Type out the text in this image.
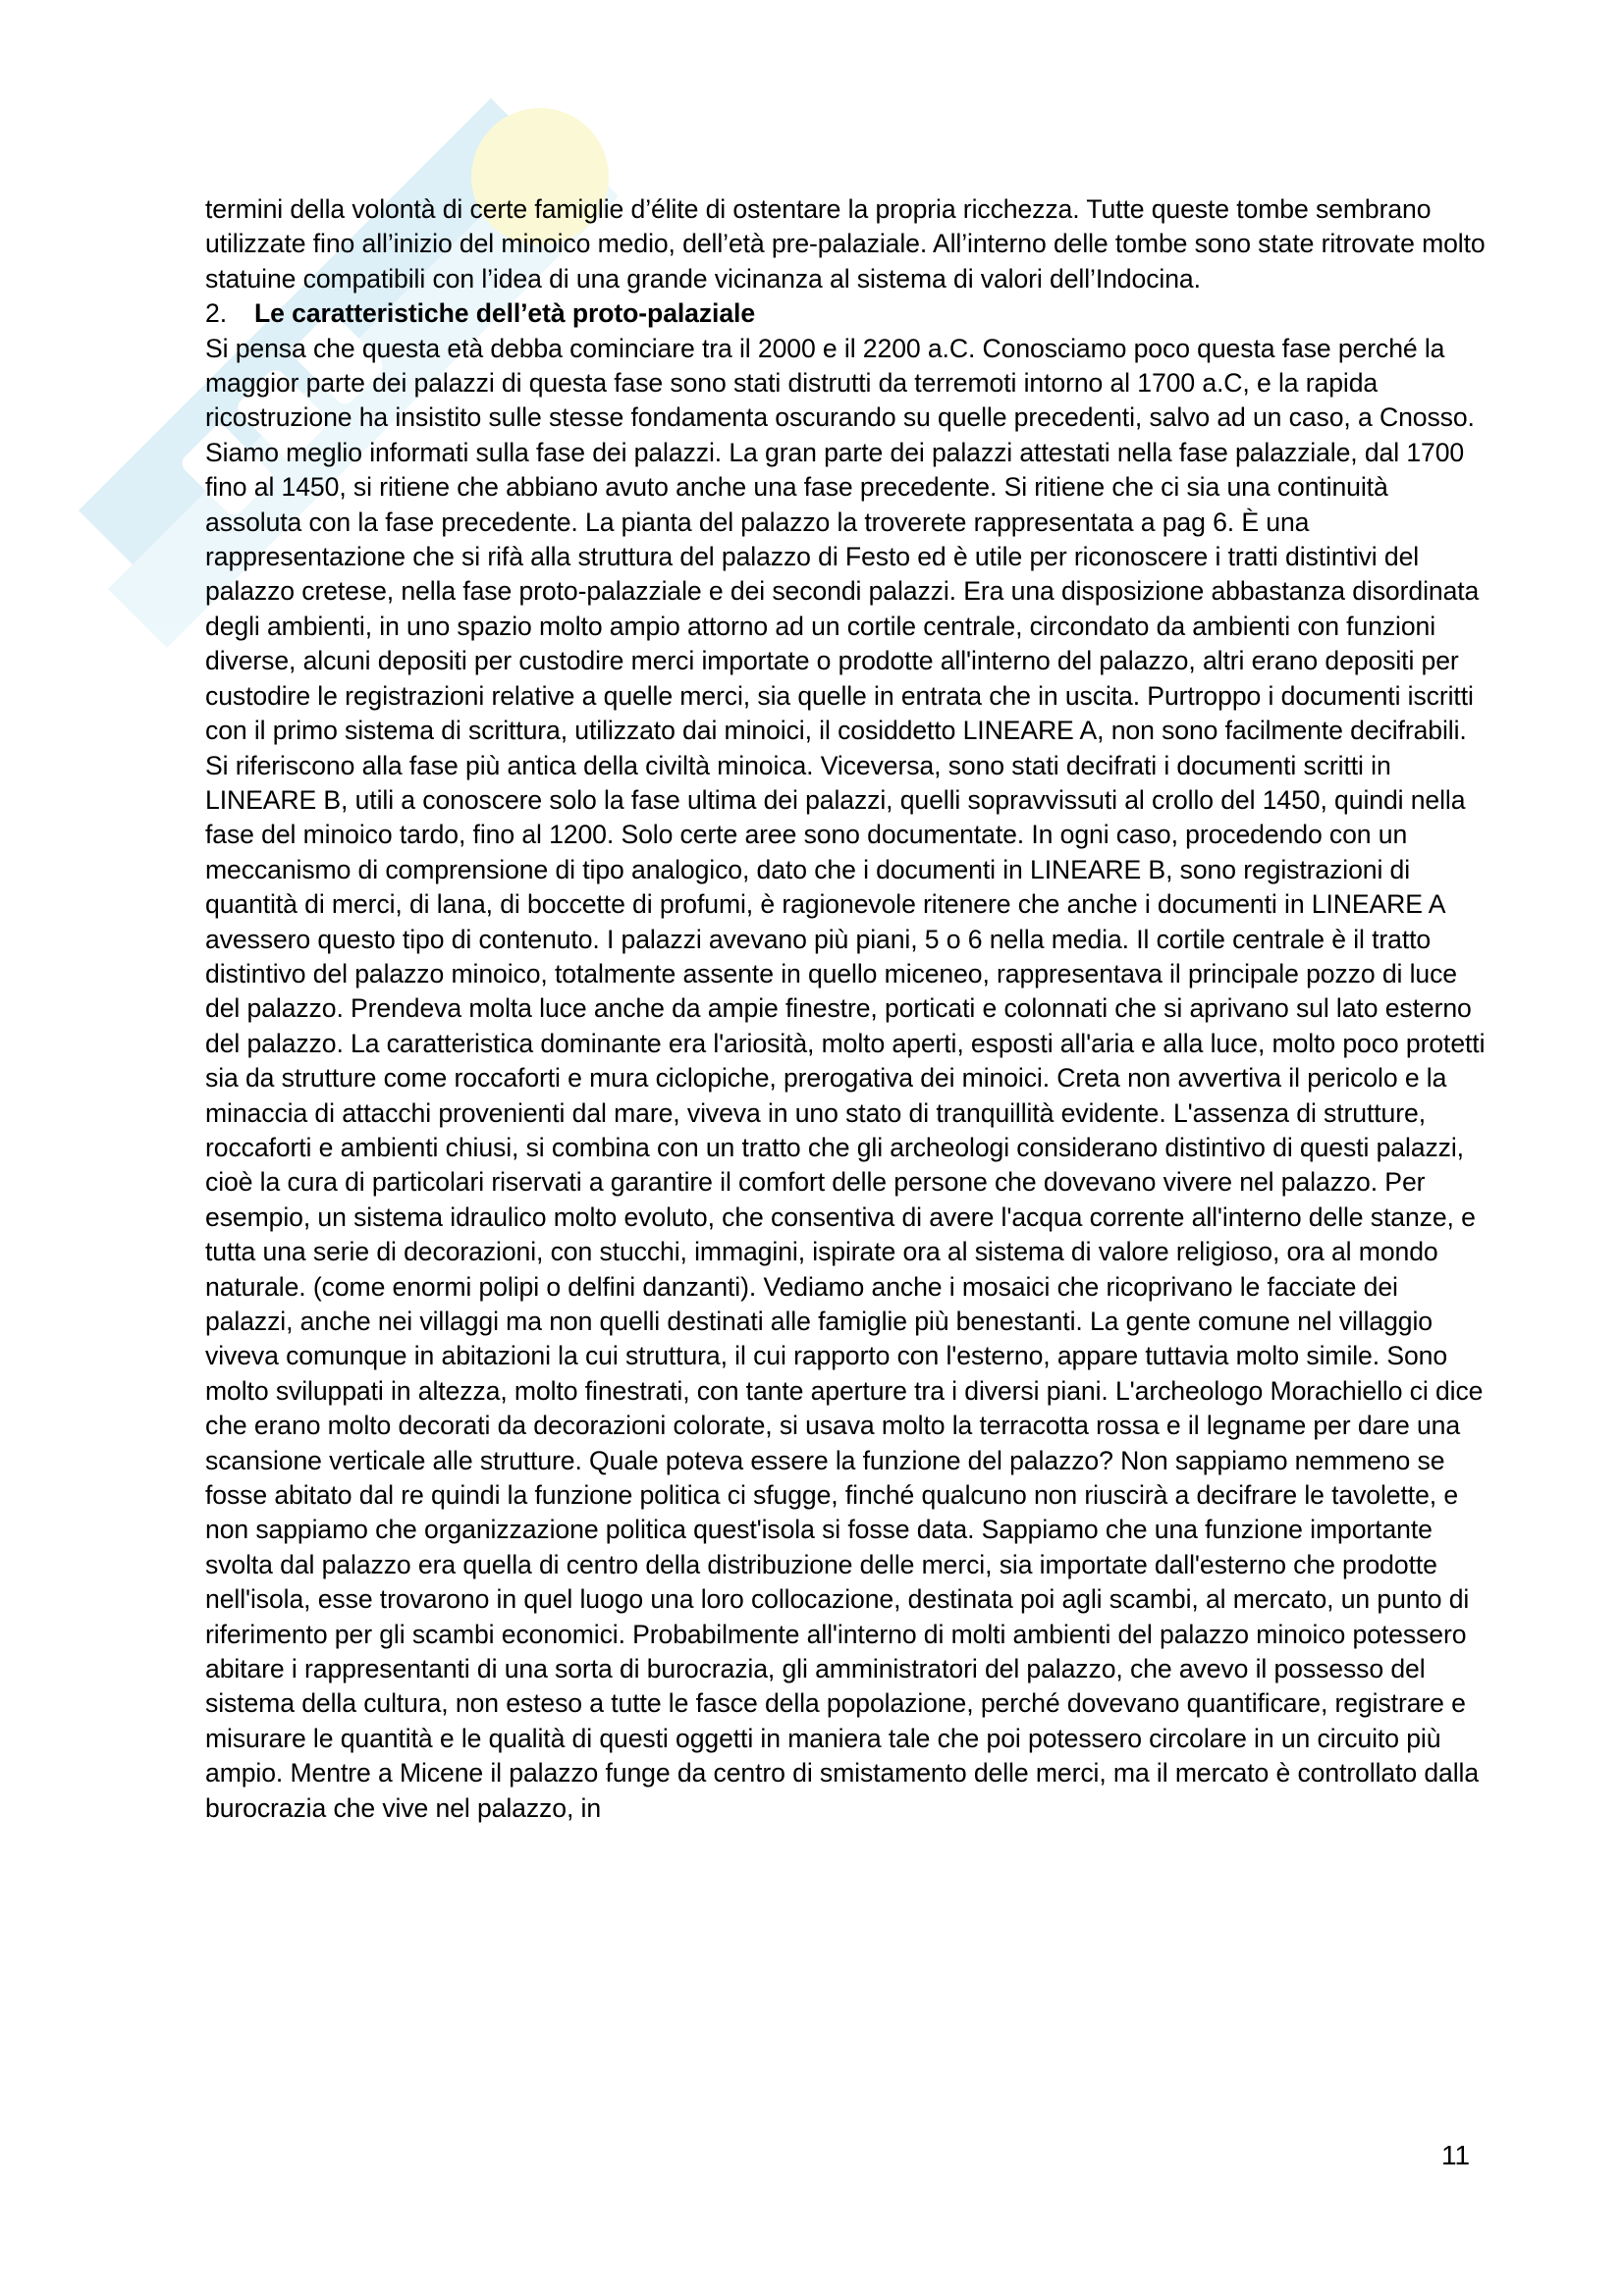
termini della volontà di certe famiglie d’élite di ostentare la propria ricchezza. Tutte queste tombe sembrano utilizzate fino all’inizio del minoico medio, dell’età pre-palaziale. All’interno delle tombe sono state ritrovate molto statuine compatibili con l’idea di una grande vicinanza al sistema di valori dell’Indocina.

2.	Le caratteristiche dell’età proto-palaziale

Si pensa che questa età debba cominciare tra il 2000 e il 2200 a.C. Conosciamo poco questa fase perché la maggior parte dei palazzi di questa fase sono stati distrutti da terremoti intorno al 1700 a.C, e la rapida ricostruzione ha insistito sulle stesse fondamenta oscurando su quelle precedenti, salvo ad un caso, a Cnosso. Siamo meglio informati sulla fase dei palazzi. La gran parte dei palazzi attestati nella fase palazziale, dal 1700 fino al 1450, si ritiene che abbiano avuto anche una fase precedente. Si ritiene che ci sia una continuità assoluta con la fase precedente. La pianta del palazzo la troverete rappresentata a pag 6. È una rappresentazione che si rifà alla struttura del palazzo di Festo ed è utile per riconoscere i tratti distintivi del palazzo cretese, nella fase proto-palazziale e dei secondi palazzi. Era una disposizione abbastanza disordinata degli ambienti, in uno spazio molto ampio attorno ad un cortile centrale, circondato da ambienti con funzioni diverse, alcuni depositi per custodire merci importate o prodotte all'interno del palazzo, altri erano depositi per custodire le registrazioni relative a quelle merci, sia quelle in entrata che in uscita. Purtroppo i documenti iscritti con il primo sistema di scrittura, utilizzato dai minoici, il cosiddetto LINEARE A, non sono facilmente decifrabili. Si riferiscono alla fase più antica della civiltà minoica. Viceversa, sono stati decifrati i documenti scritti in LINEARE B, utili a conoscere solo la fase ultima dei palazzi, quelli sopravvissuti al crollo del 1450, quindi nella fase del minoico tardo, fino al 1200. Solo certe aree sono documentate. In ogni caso, procedendo con un meccanismo di comprensione di tipo analogico, dato che i documenti in LINEARE B, sono registrazioni di quantità di merci, di lana, di boccette di profumi, è ragionevole ritenere che anche i documenti in LINEARE A avessero questo tipo di contenuto. I palazzi avevano più piani, 5 o 6 nella media. Il cortile centrale è il tratto distintivo del palazzo minoico, totalmente assente in quello miceneo, rappresentava il principale pozzo di luce del palazzo. Prendeva molta luce anche da ampie finestre, porticati e colonnati che si aprivano sul lato esterno del palazzo. La caratteristica dominante era l'ariosità, molto aperti, esposti all'aria e alla luce, molto poco protetti sia da strutture come roccaforti e mura ciclopiche, prerogativa dei minoici. Creta non avvertiva il pericolo e la minaccia di attacchi provenienti dal mare, viveva in uno stato di tranquillità evidente. L'assenza di strutture, roccaforti e ambienti chiusi, si combina con un tratto che gli archeologi considerano distintivo di questi palazzi, cioè la cura di particolari riservati a garantire il comfort delle persone che dovevano vivere nel palazzo. Per esempio, un sistema idraulico molto evoluto, che consentiva di avere l'acqua corrente all'interno delle stanze, e tutta una serie di decorazioni, con stucchi, immagini, ispirate ora al sistema di valore religioso, ora al mondo naturale. (come enormi polipi o delfini danzanti). Vediamo anche i mosaici che ricoprivano le facciate dei palazzi, anche nei villaggi ma non quelli destinati alle famiglie più benestanti. La gente comune nel villaggio viveva comunque in abitazioni la cui struttura, il cui rapporto con l'esterno, appare tuttavia molto simile. Sono molto sviluppati in altezza, molto finestrati, con tante aperture tra i diversi piani. L'archeologo Morachiello ci dice che erano molto decorati da decorazioni colorate, si usava molto la terracotta rossa e il legname per dare una scansione verticale alle strutture. Quale poteva essere la funzione del palazzo? Non sappiamo nemmeno se fosse abitato dal re quindi la funzione politica ci sfugge, finché qualcuno non riuscirà a decifrare le tavolette, e non sappiamo che organizzazione politica quest'isola si fosse data. Sappiamo che una funzione importante svolta dal palazzo era quella di centro della distribuzione delle merci, sia importate dall'esterno che prodotte nell'isola, esse trovarono in quel luogo una loro collocazione, destinata poi agli scambi, al mercato, un punto di riferimento per gli scambi economici. Probabilmente all'interno di molti ambienti del palazzo minoico potessero abitare i rappresentanti di una sorta di burocrazia, gli amministratori del palazzo, che avevo il possesso del sistema della cultura, non esteso a tutte le fasce della popolazione, perché dovevano quantificare, registrare e misurare le quantità e le qualità di questi oggetti in maniera tale che poi potessero circolare in un circuito più ampio. Mentre a Micene il palazzo funge da centro di smistamento delle merci, ma il mercato è controllato dalla burocrazia che vive nel palazzo, in

11
